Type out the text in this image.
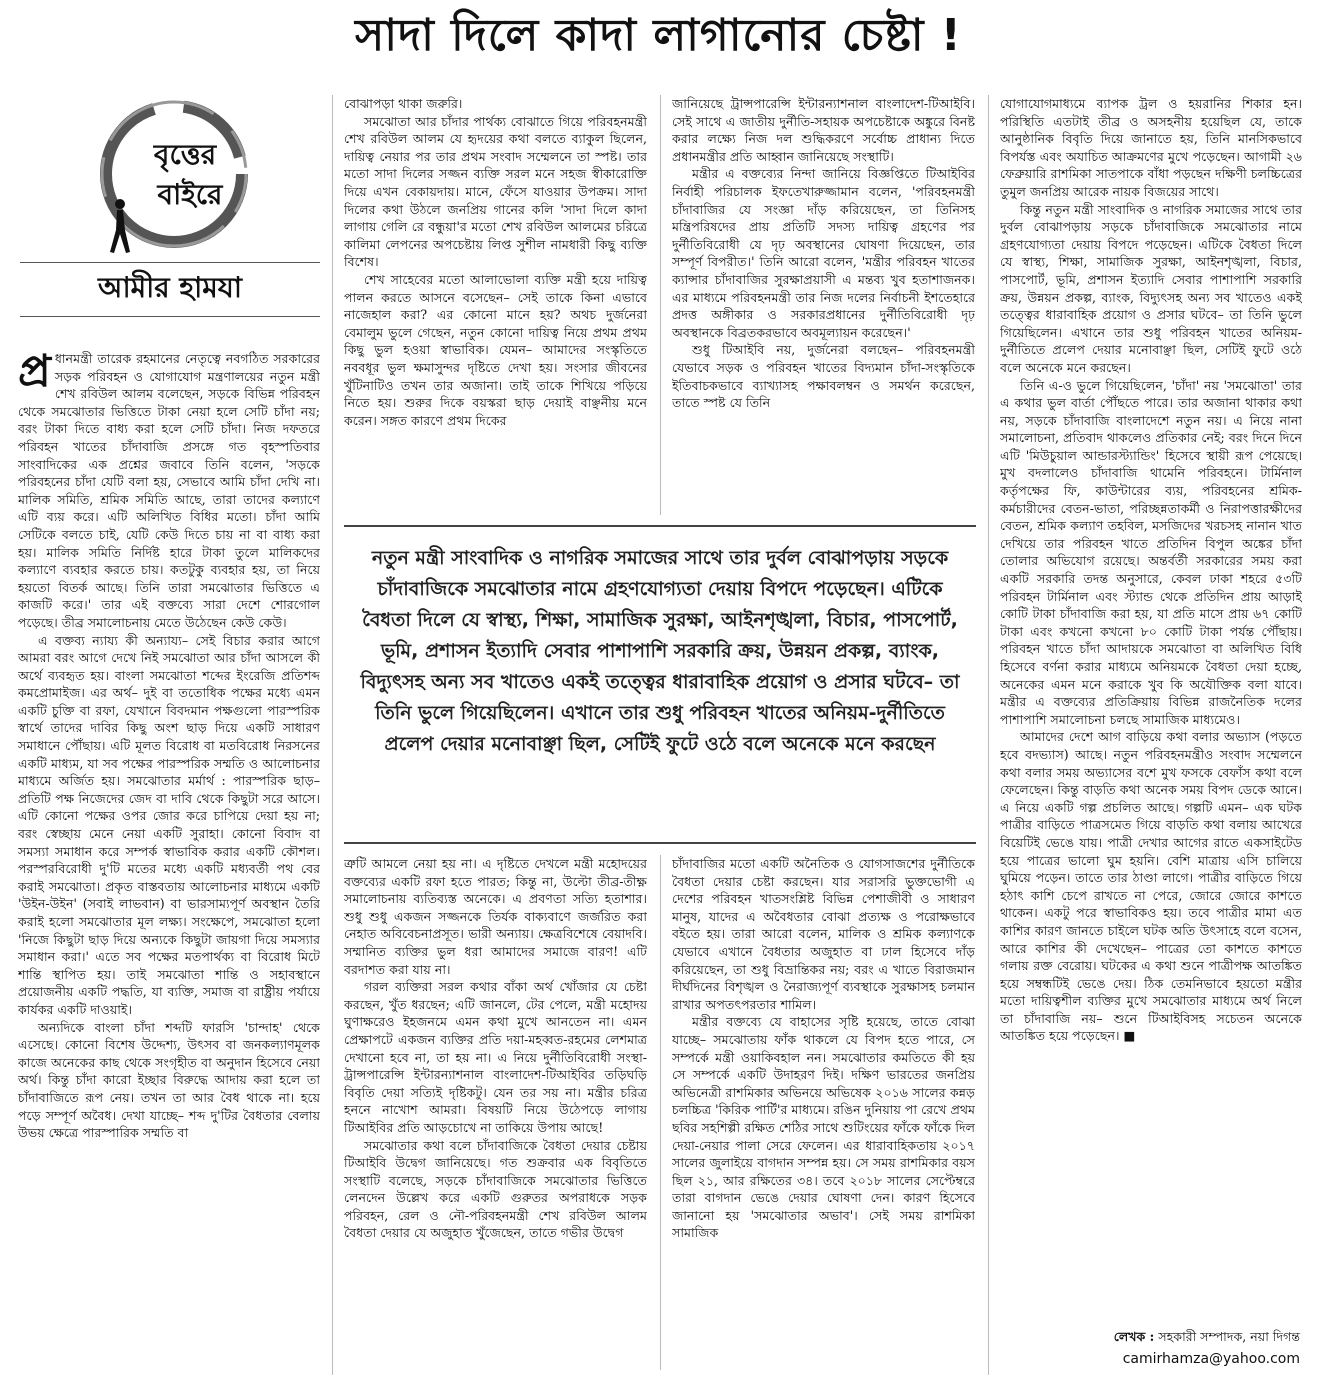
সাদা দিলে কাদা লাগানোর চেষ্টা !
বৃত্তের
বাইরে
আমীর হামযা
প্র ধানমন্ত্রী তারেক রহমানের নেতৃত্বে নবগঠিত সরকারের সড়ক পরিবহন ও যোগাযোগ মন্ত্রণালয়ের নতুন মন্ত্রী শেখ রবিউল আলম বলেছেন, সড়কে বিভিন্ন পরিবহন থেকে সমঝোতার ভিত্তিতে টাকা নেয়া হলে সেটি চাঁদা নয়; বরং টাকা দিতে বাধ্য করা হলে সেটি চাঁদা। নিজ দফতরে পরিবহন খাতের চাঁদাবাজি প্রসঙ্গে গত বৃহস্পতিবার সাংবাদিকের এক প্রশ্নের জবাবে তিনি বলেন, 'সড়কে পরিবহনের চাঁদা যেটি বলা হয়, সেভাবে আমি চাঁদা দেখি না। মালিক সমিতি, শ্রমিক সমিতি আছে, তারা তাদের কল্যাণে এটি ব্যয় করে। এটি অলিখিত বিধির মতো। চাঁদা আমি সেটিকে বলতে চাই, যেটি কেউ দিতে চায় না বা বাধ্য করা হয়। মালিক সমিতি নির্দিষ্ট হারে টাকা তুলে মালিকদের কল্যাণে ব্যবহার করতে চায়। কতটুকু ব্যবহার হয়, তা নিয়ে হয়তো বিতর্ক আছে। তিনি তারা সমঝোতার ভিত্তিতে এ কাজটি করে।' তার এই বক্তব্যে সারা দেশে শোরগোল পড়েছে। তীব্র সমালোচনায় মেতে উঠেছেন কেউ কেউ।

এ বক্তব্য ন্যায্য কী অন্যায্য– সেই বিচার করার আগে আমরা বরং আগে দেখে নিই সমঝোতা আর চাঁদা আসলে কী অর্থে ব্যবহৃত হয়। বাংলা সমঝোতা শব্দের ইংরেজি প্রতিশব্দ কমপ্রোমাইজ। এর অর্থ– দুই বা ততোধিক পক্ষের মধ্যে এমন একটি চুক্তি বা রফা, যেখানে বিবদমান পক্ষগুলো পারস্পরিক স্বার্থে তাদের দাবির কিছু অংশ ছাড় দিয়ে একটি সাধারণ সমাধানে পৌঁছায়। এটি মূলত বিরোধ বা মতবিরোধ নিরসনের একটি মাধ্যম, যা সব পক্ষের পারস্পরিক সম্মতি ও আলোচনার মাধ্যমে অর্জিত হয়। সমঝোতার মর্মার্থ : পারস্পরিক ছাড়– প্রতিটি পক্ষ নিজেদের জেদ বা দাবি থেকে কিছুটা সরে আসে। এটি কোনো পক্ষের ওপর জোর করে চাপিয়ে দেয়া হয় না; বরং স্বেচ্ছায় মেনে নেয়া একটি সুরাহা। কোনো বিবাদ বা সমস্যা সমাধান করে সম্পর্ক স্বাভাবিক করার একটি কৌশল। পরস্পরবিরোধী দু'টি মতের মধ্যে একটি মধ্যবর্তী পথ বের করাই সমঝোতা। প্রকৃত বাস্তবতায় আলোচনার মাধ্যমে একটি 'উইন-উইন' (সবাই লাভবান) বা ভারসাম্যপূর্ণ অবস্থান তৈরি করাই হলো সমঝোতার মূল লক্ষ্য। সংক্ষেপে, সমঝোতা হলো 'নিজে কিছুটা ছাড় দিয়ে অন্যকে কিছুটা জায়গা দিয়ে সমস্যার সমাধান করা।' এতে সব পক্ষের মতপার্থক্য বা বিরোধ মিটে শান্তি স্থাপিত হয়। তাই সমঝোতা শান্তি ও সহাবস্থানে প্রয়োজনীয় একটি পদ্ধতি, যা ব্যক্তি, সমাজ বা রাষ্ট্রীয় পর্যায়ে কার্যকর একটি দাওয়াই।

অন্যদিকে বাংলা চাঁদা শব্দটি ফারসি 'চান্দাহ' থেকে এসেছে। কোনো বিশেষ উদ্দেশ্য, উৎসব বা জনকল্যাণমূলক কাজে অনেকের কাছ থেকে সংগৃহীত বা অনুদান হিসেবে নেয়া অর্থ। কিন্তু চাঁদা কারো ইচ্ছার বিরুদ্ধে আদায় করা হলে তা চাঁদাবাজিতে রূপ নেয়। তখন তা আর বৈধ থাকে না। হয়ে পড়ে সম্পূর্ণ অবৈধ। দেখা যাচ্ছে– শব্দ দু'টির বৈধতার বেলায় উভয় ক্ষেত্রে পারস্পারিক সম্মতি বা

বোঝাপড়া থাকা জরুরি।

সমঝোতা আর চাঁদার পার্থক্য বোঝাতে গিয়ে পরিবহনমন্ত্রী শেখ রবিউল আলম যে হৃদয়ের কথা বলতে ব্যাকুল ছিলেন, দায়িত্ব নেয়ার পর তার প্রথম সংবাদ সম্মেলনে তা স্পষ্ট। তার মতো সাদা দিলের সজ্জন ব্যক্তি সরল মনে সহজ স্বীকারোক্তি দিয়ে এখন বেকায়দায়। মানে, ফেঁসে যাওয়ার উপক্রম। সাদা দিলের কথা উঠলে জনপ্রিয় গানের কলি 'সাদা দিলে কাদা লাগায় গেলি রে বন্ধুয়া'র মতো শেখ রবিউল আলমের চরিত্রে কালিমা লেপনের অপচেষ্টায় লিপ্ত সুশীল নামধারী কিছু ব্যক্তি বিশেষ।

শেখ সাহেবের মতো আলাভোলা ব্যক্তি মন্ত্রী হয়ে দায়িত্ব পালন করতে আসনে বসেছেন– সেই তাকে কিনা এভাবে নাজেহাল করা? এর কোনো মানে হয়? অথচ দুর্জনেরা বেমালুম ভুলে গেছেন, নতুন কোনো দায়িত্ব নিয়ে প্রথম প্রথম কিছু ভুল হওয়া স্বাভাবিক। যেমন– আমাদের সংস্কৃতিতে নববধূর ভুল ক্ষমাসুন্দর দৃষ্টিতে দেখা হয়। সংসার জীবনের খুঁটিনাটিও তখন তার অজানা। তাই তাকে শিখিয়ে পড়িয়ে নিতে হয়। শুরুর দিকে বয়স্করা ছাড় দেয়াই বাঞ্ছনীয় মনে করেন। সঙ্গত কারণে প্রথম দিকের

জানিয়েছে ট্রান্সপারেন্সি ইন্টারন্যাশনাল বাংলাদেশ-টিআইবি। সেই সাথে এ জাতীয় দুর্নীতি-সহায়ক অপচেষ্টাকে অঙ্কুরে বিনষ্ট করার লক্ষ্যে নিজ দল শুদ্ধিকরণে সর্বোচ্চ প্রাধান্য দিতে প্রধানমন্ত্রীর প্রতি আহ্বান জানিয়েছে সংস্থাটি।

মন্ত্রীর এ বক্তব্যের নিন্দা জানিয়ে বিজ্ঞপ্তিতে টিআইবির নির্বাহী পরিচালক ইফতেখারুজ্জামান বলেন, 'পরিবহনমন্ত্রী চাঁদাবাজির যে সংজ্ঞা দাঁড় করিয়েছেন, তা তিনিসহ মন্ত্রিপরিষদের প্রায় প্রতিটি সদস্য দায়িত্ব গ্রহণের পর দুর্নীতিবিরোধী যে দৃঢ় অবস্থানের ঘোষণা দিয়েছেন, তার সম্পূর্ণ বিপরীত।' তিনি আরো বলেন, 'মন্ত্রীর পরিবহন খাতের ক্যান্সার চাঁদাবাজির সুরক্ষাপ্রয়াসী এ মন্তব্য খুব হতাশাজনক। এর মাধ্যমে পরিবহনমন্ত্রী তার নিজ দলের নির্বাচনী ইশতেহারে প্রদত্ত অঙ্গীকার ও সরকারপ্রধানের দুর্নীতিবিরোধী দৃঢ় অবস্থানকে বিব্রতকরভাবে অবমূল্যায়ন করেছেন।'

শুধু টিআইবি নয়, দুর্জনেরা বলছেন– পরিবহনমন্ত্রী যেভাবে সড়ক ও পরিবহন খাতের বিদ্যমান চাঁদা-সংস্কৃতিকে ইতিবাচকভাবে ব্যাখ্যাসহ পক্ষাবলম্বন ও সমর্থন করেছেন, তাতে স্পষ্ট যে তিনি

নতুন মন্ত্রী সাংবাদিক ও নাগরিক সমাজের সাথে তার দুর্বল বোঝাপড়ায় সড়কে চাঁদাবাজিকে সমঝোতার নামে গ্রহণযোগ্যতা দেয়ায় বিপদে পড়েছেন। এটিকে বৈধতা দিলে যে স্বাস্থ্য, শিক্ষা, সামাজিক সুরক্ষা, আইনশৃঙ্খলা, বিচার, পাসপোর্ট, ভূমি, প্রশাসন ইত্যাদি সেবার পাশাপাশি সরকারি ক্রয়, উন্নয়ন প্রকল্প, ব্যাংক, বিদ্যুৎসহ অন্য সব খাতেও একই তত্ত্বের ধারাবাহিক প্রয়োগ ও প্রসার ঘটবে– তা তিনি ভুলে গিয়েছিলেন। এখানে তার শুধু পরিবহন খাতের অনিয়ম-দুর্নীতিতে প্রলেপ দেয়ার মনোবাঞ্ছা ছিল, সেটিই ফুটে ওঠে বলে অনেকে মনে করছেন

ত্রুটি আমলে নেয়া হয় না। এ দৃষ্টিতে দেখলে মন্ত্রী মহোদয়ের বক্তব্যের একটি রফা হতে পারত; কিন্তু না, উল্টো তীব্র-তীক্ষ্ণ সমালোচনায় ব্যতিব্যস্ত অনেকে। এ প্রবণতা সত্যি হতাশার। শুধু শুধু একজন সজ্জনকে তির্যক বাক্যবাণে জর্জরিত করা নেহাত অবিবেচনাপ্রসূত। ভারী অন্যায়। ক্ষেত্রবিশেষে বেয়াদবি। সম্মানিত ব্যক্তির ভুল ধরা আমাদের সমাজে বারণ! এটি বরদাশত করা যায় না।

গরল ব্যক্তিরা সরল কথার বাঁকা অর্থ খোঁজার যে চেষ্টা করছেন, খুঁত ধরছেন; এটি জানলে, টের পেলে, মন্ত্রী মহোদয় ঘুণাক্ষরেও ইহজনমে এমন কথা মুখে আনতেন না। এমন প্রেক্ষাপটে একজন ব্যক্তির প্রতি দয়া-মহব্বত-রহমের লেশমাত্র দেখানো হবে না, তা হয় না। এ নিয়ে দুর্নীতিবিরোধী সংস্থা-ট্রান্সপারেন্সি ইন্টারন্যাশনাল বাংলাদেশ-টিআইবির তড়িঘড়ি বিবৃতি দেয়া সত্যিই দৃষ্টিকটু। যেন তর সয় না। মন্ত্রীর চরিত্র হননে নাখোশ আমরা। বিষয়টি নিয়ে উঠেপড়ে লাগায় টিআইবির প্রতি আড়চোখে না তাকিয়ে উপায় আছে!

সমঝোতার কথা বলে চাঁদাবাজিকে বৈধতা দেয়ার চেষ্টায় টিআইবি উদ্বেগ জানিয়েছে। গত শুক্রবার এক বিবৃতিতে সংস্থাটি বলেছে, সড়কে চাঁদাবাজিকে সমঝোতার ভিত্তিতে লেনদেন উল্লেখ করে একটি গুরুতর অপরাধকে সড়ক পরিবহন, রেল ও নৌ-পরিবহনমন্ত্রী শেখ রবিউল আলম বৈধতা দেয়ার যে অজুহাত খুঁজেছেন, তাতে গভীর উদ্বেগ

চাঁদাবাজির মতো একটি অনৈতিক ও যোগসাজশের দুর্নীতিকে বৈধতা দেয়ার চেষ্টা করছেন। যার সরাসরি ভুক্তভোগী এ দেশের পরিবহন খাতসংশ্লিষ্ট বিভিন্ন পেশাজীবী ও সাধারণ মানুষ, যাদের এ অবৈধতার বোঝা প্রত্যক্ষ ও পরোক্ষভাবে বইতে হয়। তারা আরো বলেন, মালিক ও শ্রমিক কল্যাণকে যেভাবে এখানে বৈধতার অজুহাত বা ঢাল হিসেবে দাঁড় করিয়েছেন, তা শুধু বিভ্রান্তিকর নয়; বরং এ খাতে বিরাজমান দীর্ঘদিনের বিশৃঙ্খল ও নৈরাজ্যপূর্ণ ব্যবস্থাকে সুরক্ষাসহ চলমান রাখার অপতৎপরতার শামিল।

মন্ত্রীর বক্তব্যে যে বাহাসের সৃষ্টি হয়েছে, তাতে বোঝা যাচ্ছে– সমঝোতায় ফাঁক থাকলে যে বিপদ হতে পারে, সে সম্পর্কে মন্ত্রী ওয়াকিবহাল নন। সমঝোতার কমতিতে কী হয় সে সম্পর্কে একটি উদাহরণ দিই। দক্ষিণ ভারতের জনপ্রিয় অভিনেত্রী রাশমিকার অভিনয়ে অভিষেক ২০১৬ সালের কন্নড় চলচ্চিত্র 'কিরিক পার্টি'র মাধ্যমে। রঙিন দুনিয়ায় পা রেখে প্রথম ছবির সহশিল্পী রক্ষিত শেঠির সাথে শুটিংয়ের ফাঁকে ফাঁকে দিল দেয়া-নেয়ার পালা সেরে ফেলেন। এর ধারাবাহিকতায় ২০১৭ সালের জুলাইয়ে বাগদান সম্পন্ন হয়। সে সময় রাশমিকার বয়স ছিল ২১, আর রক্ষিতের ৩৪। তবে ২০১৮ সালের সেপ্টেম্বরে তারা বাগদান ভেঙে দেয়ার ঘোষণা দেন। কারণ হিসেবে জানানো হয় 'সমঝোতার অভাব'। সেই সময় রাশমিকা সামাজিক

যোগাযোগমাধ্যমে ব্যাপক ট্রল ও হয়রানির শিকার হন। পরিস্থিতি এতটাই তীব্র ও অসহনীয় হয়েছিল যে, তাকে আনুষ্ঠানিক বিবৃতি দিয়ে জানাতে হয়, তিনি মানসিকভাবে বিপর্যস্ত এবং অযাচিত আক্রমণের মুখে পড়েছেন। আগামী ২৬ ফেব্রুয়ারি রাশমিকা সাতপাকে বাঁধা পড়ছেন দক্ষিণী চলচ্চিত্রের তুমুল জনপ্রিয় আরেক নায়ক বিজয়ের সাথে।

কিন্তু নতুন মন্ত্রী সাংবাদিক ও নাগরিক সমাজের সাথে তার দুর্বল বোঝাপড়ায় সড়কে চাঁদাবাজিকে সমঝোতার নামে গ্রহণযোগ্যতা দেয়ায় বিপদে পড়েছেন। এটিকে বৈধতা দিলে যে স্বাস্থ্য, শিক্ষা, সামাজিক সুরক্ষা, আইনশৃঙ্খলা, বিচার, পাসপোর্ট, ভূমি, প্রশাসন ইত্যাদি সেবার পাশাপাশি সরকারি ক্রয়, উন্নয়ন প্রকল্প, ব্যাংক, বিদ্যুৎসহ অন্য সব খাতেও একই তত্ত্বের ধারাবাহিক প্রয়োগ ও প্রসার ঘটবে– তা তিনি ভুলে গিয়েছিলেন। এখানে তার শুধু পরিবহন খাতের অনিয়ম-দুর্নীতিতে প্রলেপ দেয়ার মনোবাঞ্ছা ছিল, সেটিই ফুটে ওঠে বলে অনেকে মনে করছেন।

তিনি এ-ও ভুলে গিয়েছিলেন, 'চাঁদা' নয় 'সমঝোতা' তার এ কথার ভুল বার্তা পৌঁছতে পারে। তার অজানা থাকার কথা নয়, সড়কে চাঁদাবাজি বাংলাদেশে নতুন নয়। এ নিয়ে নানা সমালোচনা, প্রতিবাদ থাকলেও প্রতিকার নেই; বরং দিনে দিনে এটি 'মিউচুয়াল আন্ডারস্ট্যান্ডিং' হিসেবে স্থায়ী রূপ পেয়েছে। মুখ বদলালেও চাঁদাবাজি থামেনি পরিবহনে। টার্মিনাল কর্তৃপক্ষের ফি, কাউন্টারের ব্যয়, পরিবহনের শ্রমিক-কর্মচারীদের বেতন-ভাতা, পরিচ্ছন্নতাকর্মী ও নিরাপত্তারক্ষীদের বেতন, শ্রমিক কল্যাণ তহবিল, মসজিদের খরচসহ নানান খাত দেখিয়ে তার পরিবহন খাতে প্রতিদিন বিপুল অঙ্কের চাঁদা তোলার অভিযোগ রয়েছে। অন্তর্বর্তী সরকারের সময় করা একটি সরকারি তদন্ত অনুসারে, কেবল ঢাকা শহরে ৫৩টি পরিবহন টার্মিনাল এবং স্ট্যান্ড থেকে প্রতিদিন প্রায় আড়াই কোটি টাকা চাঁদাবাজি করা হয়, যা প্রতি মাসে প্রায় ৬৭ কোটি টাকা এবং কখনো কখনো ৮০ কোটি টাকা পর্যন্ত পৌঁছায়। পরিবহন খাতে চাঁদা আদায়কে সমঝোতা বা অলিখিত বিধি হিসেবে বর্ণনা করার মাধ্যমে অনিয়মকে বৈধতা দেয়া হচ্ছে, অনেকের এমন মনে করাকে খুব কি অযৌক্তিক বলা যাবে। মন্ত্রীর এ বক্তব্যের প্রতিক্রিয়ায় বিভিন্ন রাজনৈতিক দলের পাশাপাশি সমালোচনা চলছে সামাজিক মাধ্যমেও।

আমাদের দেশে আগ বাড়িয়ে কথা বলার অভ্যাস (পড়তে হবে বদভ্যাস) আছে। নতুন পরিবহনমন্ত্রীও সংবাদ সম্মেলনে কথা বলার সময় অভ্যাসের বশে মুখ ফসকে বেফাঁস কথা বলে ফেলেছেন। কিন্তু বাড়তি কথা অনেক সময় বিপদ ডেকে আনে। এ নিয়ে একটি গল্প প্রচলিত আছে। গল্পটি এমন– এক ঘটক পাত্রীর বাড়িতে পাত্রসমেত গিয়ে বাড়তি কথা বলায় আখেরে বিয়েটিই ভেঙে যায়। পাত্রী দেখার আগের রাতে একসাইটেড হয়ে পাত্রের ভালো ঘুম হয়নি। বেশি মাত্রায় এসি চালিয়ে ঘুমিয়ে পড়েন। তাতে তার ঠাণ্ডা লাগে। পাত্রীর বাড়িতে গিয়ে হঠাৎ কাশি চেপে রাখতে না পেরে, জোরে জোরে কাশতে থাকেন। একটু পরে স্বাভাবিকও হয়। তবে পাত্রীর মামা এত কাশির কারণ জানতে চাইলে ঘটক অতি উৎসাহে বলে বসেন, আরে কাশির কী দেখেছেন– পাত্রের তো কাশতে কাশতে গলায় রক্ত বেরোয়। ঘটকের এ কথা শুনে পাত্রীপক্ষ আতঙ্কিত হয়ে সম্বন্ধটিই ভেঙে দেয়। ঠিক তেমনিভাবে হয়তো মন্ত্রীর মতো দায়িত্বশীল ব্যক্তির মুখে সমঝোতার মাধ্যমে অর্থ নিলে তা চাঁদাবাজি নয়– শুনে টিআইবিসহ সচেতন অনেকে আতঙ্কিত হয়ে পড়েছেন। ■

লেখক : সহকারী সম্পাদক, নয়া দিগন্ত
camirhamza@yahoo.com
